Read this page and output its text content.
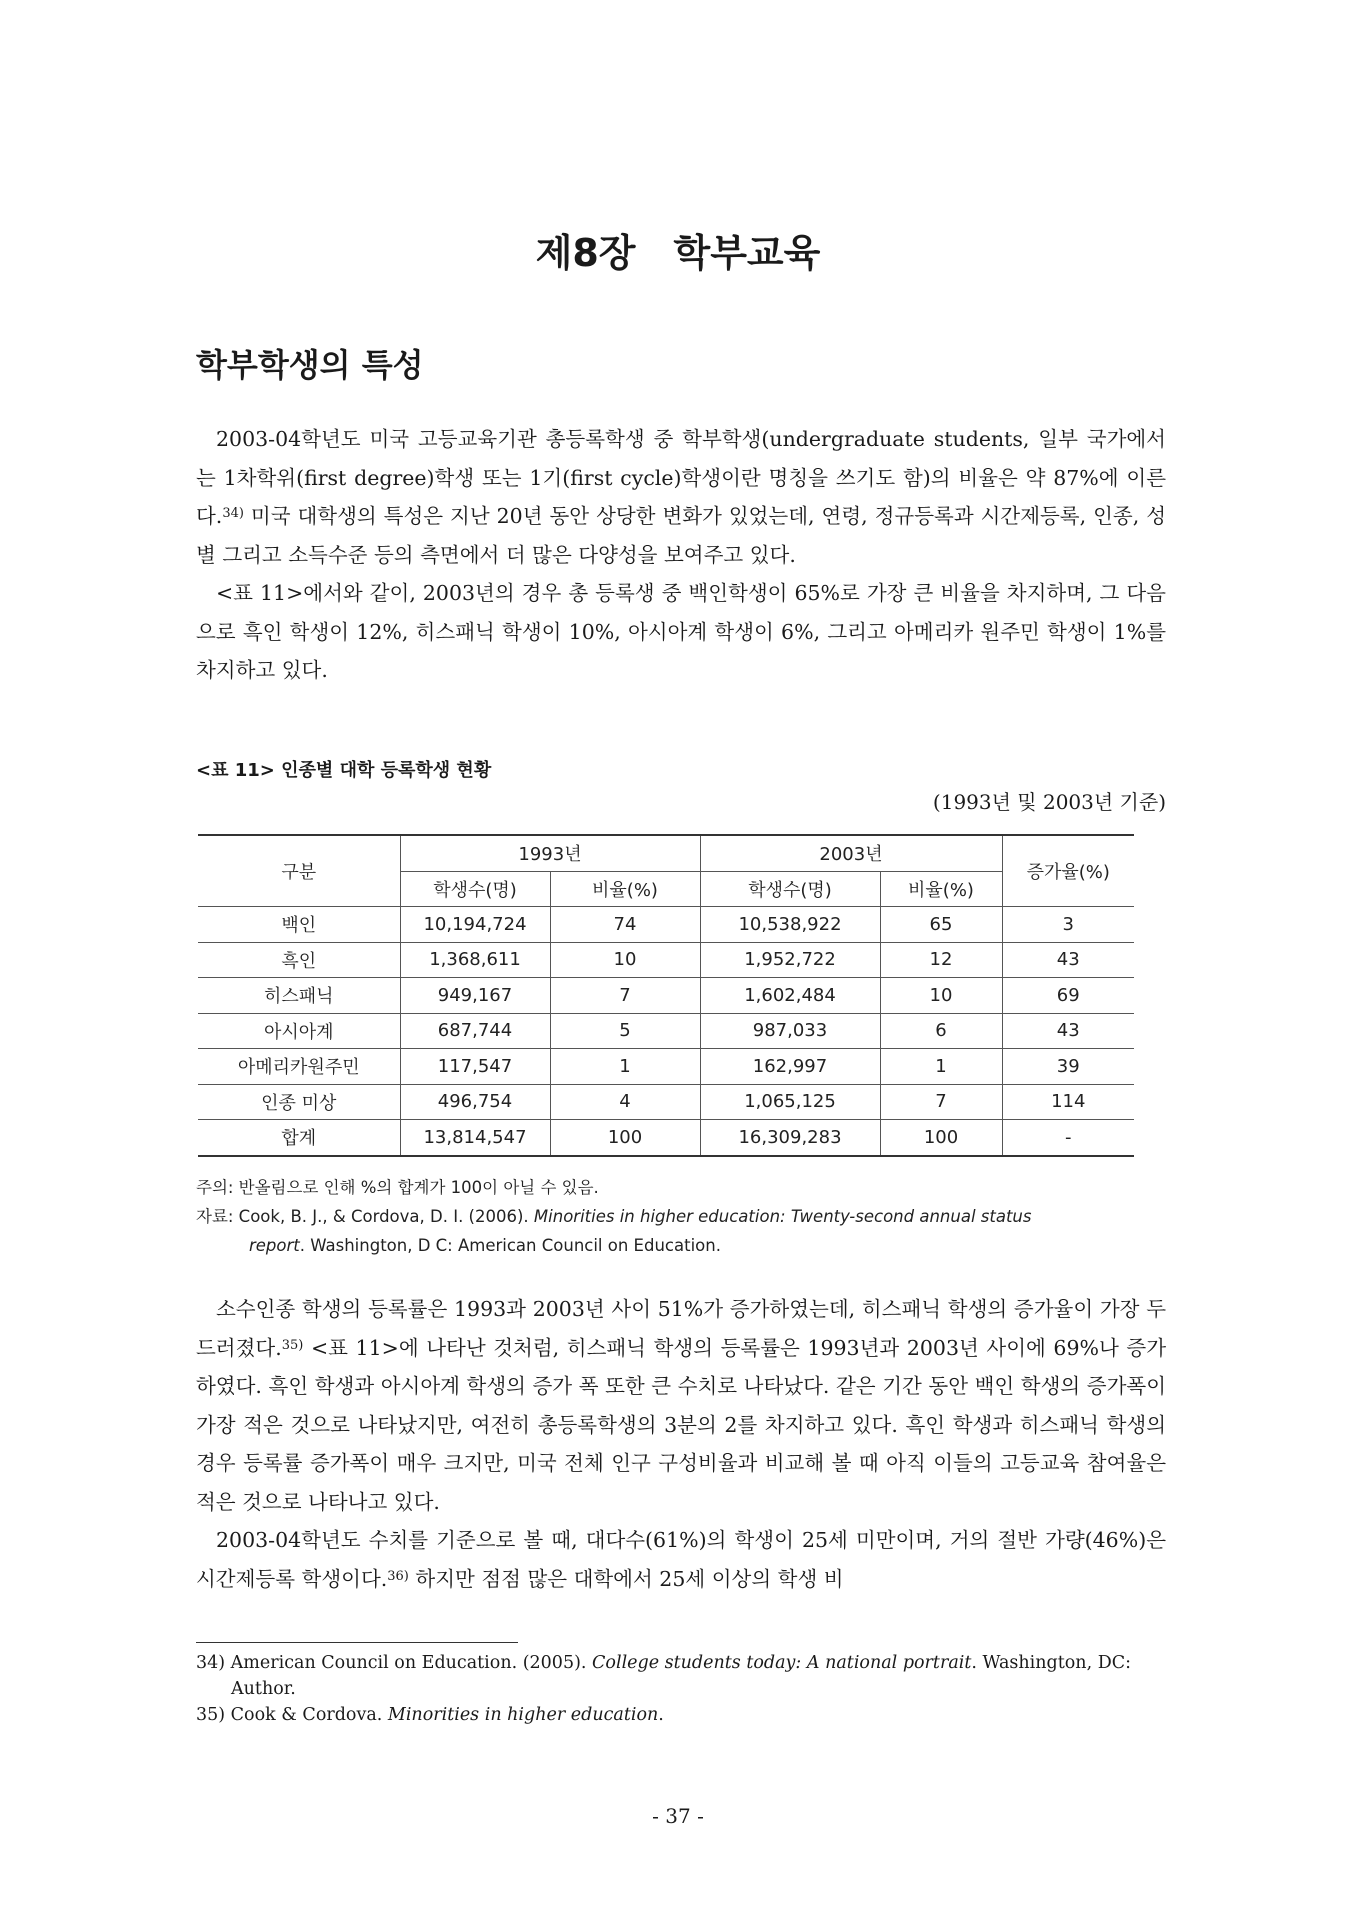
제8장　학부교육
학부학생의 특성

2003-04학년도 미국 고등교육기관 총등록학생 중 학부학생(undergraduate students, 일부 국가에서는 1차학위(first degree)학생 또는 1기(first cycle)학생이란 명칭을 쓰기도 함)의 비율은 약 87%에 이른다.$^{34)}$ 미국 대학생의 특성은 지난 20년 동안 상당한 변화가 있었는데, 연령, 정규등록과 시간제등록, 인종, 성별 그리고 소득수준 등의 측면에서 더 많은 다양성을 보여주고 있다.

<표 11>에서와 같이, 2003년의 경우 총 등록생 중 백인학생이 65%로 가장 큰 비율을 차지하며, 그 다음으로 흑인 학생이 12%, 히스패닉 학생이 10%, 아시아계 학생이 6%, 그리고 아메리카 원주민 학생이 1%를 차지하고 있다.

<표 11> 인종별 대학 등록학생 현황
(1993년 및 2003년 기준)
구분	1993년		2003년		증가율(%)
	학생수(명)	비율(%)	학생수(명)	비율(%)	
백인	10,194,724	74	10,538,922	65	3
흑인	1,368,611	10	1,952,722	12	43
히스패닉	949,167	7	1,602,484	10	69
아시아계	687,744	5	987,033	6	43
아메리카원주민	117,547	1	162,997	1	39
인종 미상	496,754	4	1,065,125	7	114
합계	13,814,547	100	16,309,283	100	-
주의: 반올림으로 인해 %의 합계가 100이 아닐 수 있음.
자료: Cook, B. J., & Cordova, D. I. (2006). Minorities in higher education: Twenty-second annual status
report. Washington, D C: American Council on Education.

소수인종 학생의 등록률은 1993과 2003년 사이 51%가 증가하였는데, 히스패닉 학생의 증가율이 가장 두드러졌다.$^{35)}$ <표 11>에 나타난 것처럼, 히스패닉 학생의 등록률은 1993년과 2003년 사이에 69%나 증가하였다. 흑인 학생과 아시아계 학생의 증가 폭 또한 큰 수치로 나타났다. 같은 기간 동안 백인 학생의 증가폭이 가장 적은 것으로 나타났지만, 여전히 총등록학생의 3분의 2를 차지하고 있다. 흑인 학생과 히스패닉 학생의 경우 등록률 증가폭이 매우 크지만, 미국 전체 인구 구성비율과 비교해 볼 때 아직 이들의 고등교육 참여율은 적은 것으로 나타나고 있다.

2003-04학년도 수치를 기준으로 볼 때, 대다수(61%)의 학생이 25세 미만이며, 거의 절반 가량(46%)은 시간제등록 학생이다.$^{36)}$ 하지만 점점 많은 대학에서 25세 이상의 학생 비

34) American Council on Education. (2005). College students today: A national portrait. Washington, DC:
Author.
35) Cook & Cordova. Minorities in higher education.
- 37 -
